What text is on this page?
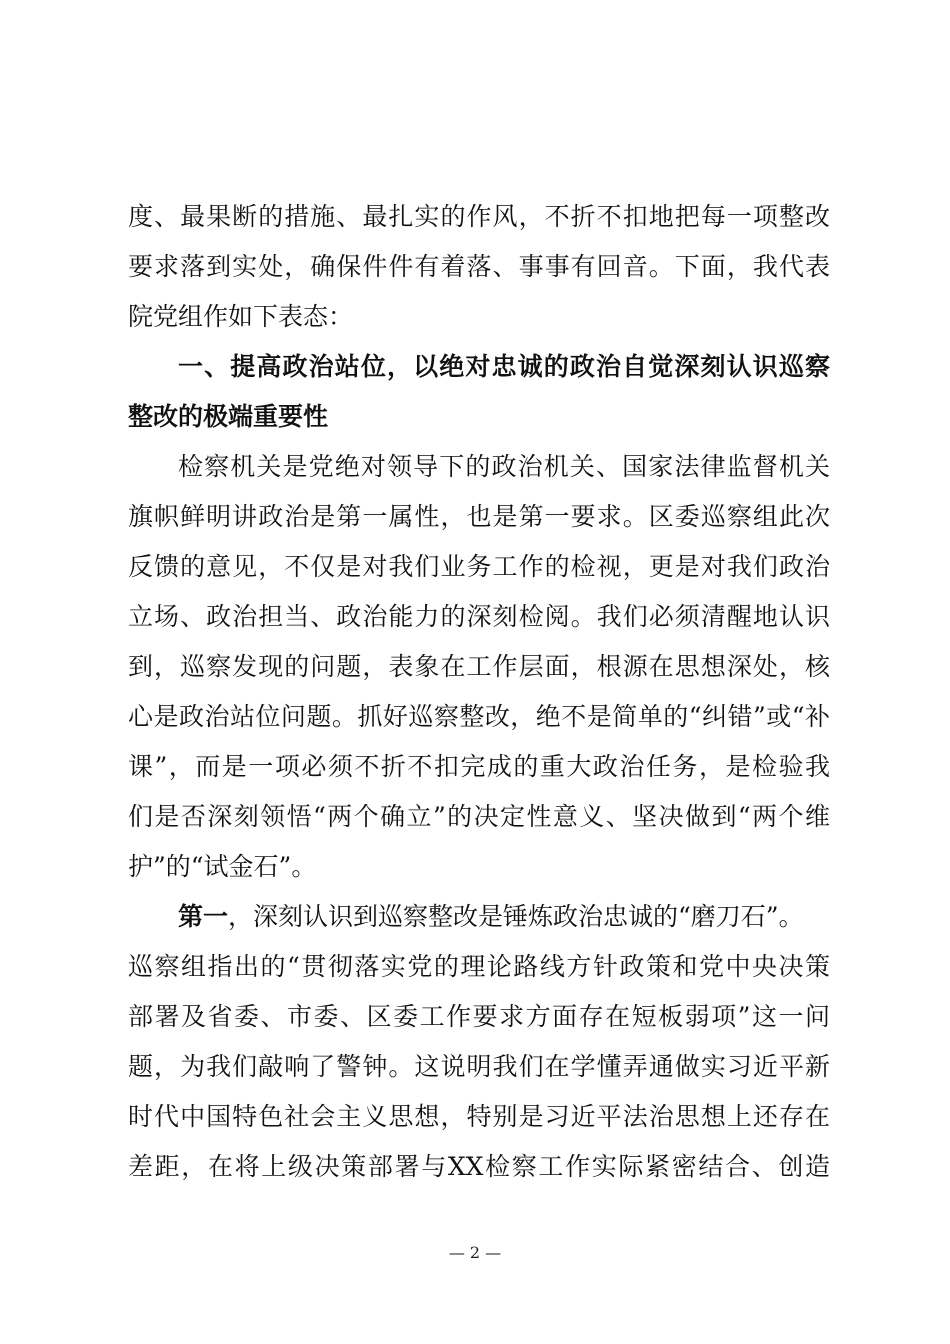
度、最果断的措施、最扎实的作风，不折不扣地把每一项整改
要求落到实处，确保件件有着落、事事有回音。下面，我代表
院党组作如下表态：
一、提高政治站位，以绝对忠诚的政治自觉深刻认识巡察
整改的极端重要性
检察机关是党绝对领导下的政治机关、国家法律监督机关
旗帜鲜明讲政治是第一属性，也是第一要求。区委巡察组此次
反馈的意见，不仅是对我们业务工作的检视，更是对我们政治
立场、政治担当、政治能力的深刻检阅。我们必须清醒地认识
到，巡察发现的问题，表象在工作层面，根源在思想深处，核
心是政治站位问题。抓好巡察整改，绝不是简单的“纠错”或“补
课”，而是一项必须不折不扣完成的重大政治任务，是检验我
们是否深刻领悟“两个确立”的决定性意义、坚决做到“两个维
护”的“试金石”。
第一，深刻认识到巡察整改是锤炼政治忠诚的“磨刀石”。
巡察组指出的“贯彻落实党的理论路线方针政策和党中央决策
部署及省委、市委、区委工作要求方面存在短板弱项”这一问
题，为我们敲响了警钟。这说明我们在学懂弄通做实习近平新
时代中国特色社会主义思想，特别是习近平法治思想上还存在
差距，在将上级决策部署与XX检察工作实际紧密结合、创造
— 2 —
